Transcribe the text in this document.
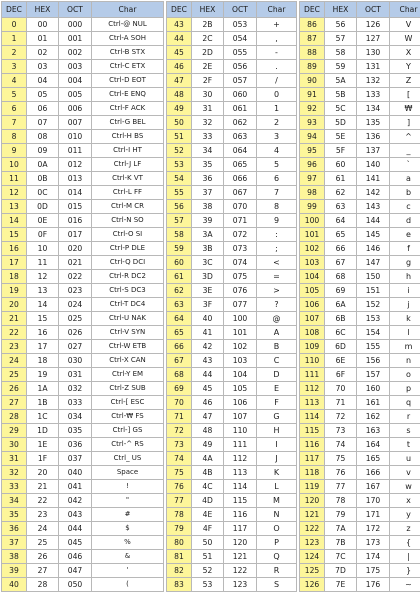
DEC	HEX	OCT	Char		DEC	HEX	OCT	Char		DEC	HEX	OCT	Char
0	00	000	Ctrl-@ NUL		43	2B	053	+		86	56	126	V
1	01	001	Ctrl-A SOH		44	2C	054	,		87	57	127	W
2	02	002	Ctrl-B STX		45	2D	055	-		88	58	130	X
3	03	003	Ctrl-C ETX		46	2E	056	.		89	59	131	Y
4	04	004	Ctrl-D EOT		47	2F	057	/		90	5A	132	Z
5	05	005	Ctrl-E ENQ		48	30	060	0		91	5B	133	[
6	06	006	Ctrl-F ACK		49	31	061	1		92	5C	134	₩
7	07	007	Ctrl-G BEL		50	32	062	2		93	5D	135	]
8	08	010	Ctrl-H BS		51	33	063	3		94	5E	136	^
9	09	011	Ctrl-I HT		52	34	064	4		95	5F	137	_
10	0A	012	Ctrl-J LF		53	35	065	5		96	60	140	`
11	0B	013	Ctrl-K VT		54	36	066	6		97	61	141	a
12	0C	014	Ctrl-L FF		55	37	067	7		98	62	142	b
13	0D	015	Ctrl-M CR		56	38	070	8		99	63	143	c
14	0E	016	Ctrl-N SO		57	39	071	9		100	64	144	d
15	0F	017	Ctrl-O SI		58	3A	072	:		101	65	145	e
16	10	020	Ctrl-P DLE		59	3B	073	;		102	66	146	f
17	11	021	Ctrl-Q DCI		60	3C	074	<		103	67	147	g
18	12	022	Ctrl-R DC2		61	3D	075	=		104	68	150	h
19	13	023	Ctrl-S DC3		62	3E	076	>		105	69	151	i
20	14	024	Ctrl-T DC4		63	3F	077	?		106	6A	152	j
21	15	025	Ctrl-U NAK		64	40	100	@		107	6B	153	k
22	16	026	Ctrl-V SYN		65	41	101	A		108	6C	154	l
23	17	027	Ctrl-W ETB		66	42	102	B		109	6D	155	m
24	18	030	Ctrl-X CAN		67	43	103	C		110	6E	156	n
25	19	031	Ctrl-Y EM		68	44	104	D		111	6F	157	o
26	1A	032	Ctrl-Z SUB		69	45	105	E		112	70	160	p
27	1B	033	Ctrl-[ ESC		70	46	106	F		113	71	161	q
28	1C	034	Ctrl-₩ FS		71	47	107	G		114	72	162	r
29	1D	035	Ctrl-] GS		72	48	110	H		115	73	163	s
30	1E	036	Ctrl-^ RS		73	49	111	I		116	74	164	t
31	1F	037	Ctrl_ US		74	4A	112	J		117	75	165	u
32	20	040	Space		75	4B	113	K		118	76	166	v
33	21	041	!		76	4C	114	L		119	77	167	w
34	22	042	"		77	4D	115	M		120	78	170	x
35	23	043	#		78	4E	116	N		121	79	171	y
36	24	044	$		79	4F	117	O		122	7A	172	z
37	25	045	%		80	50	120	P		123	7B	173	{
38	26	046	&		81	51	121	Q		124	7C	174	|
39	27	047	'		82	52	122	R		125	7D	175	}
40	28	050	(		83	53	123	S		126	7E	176	~
